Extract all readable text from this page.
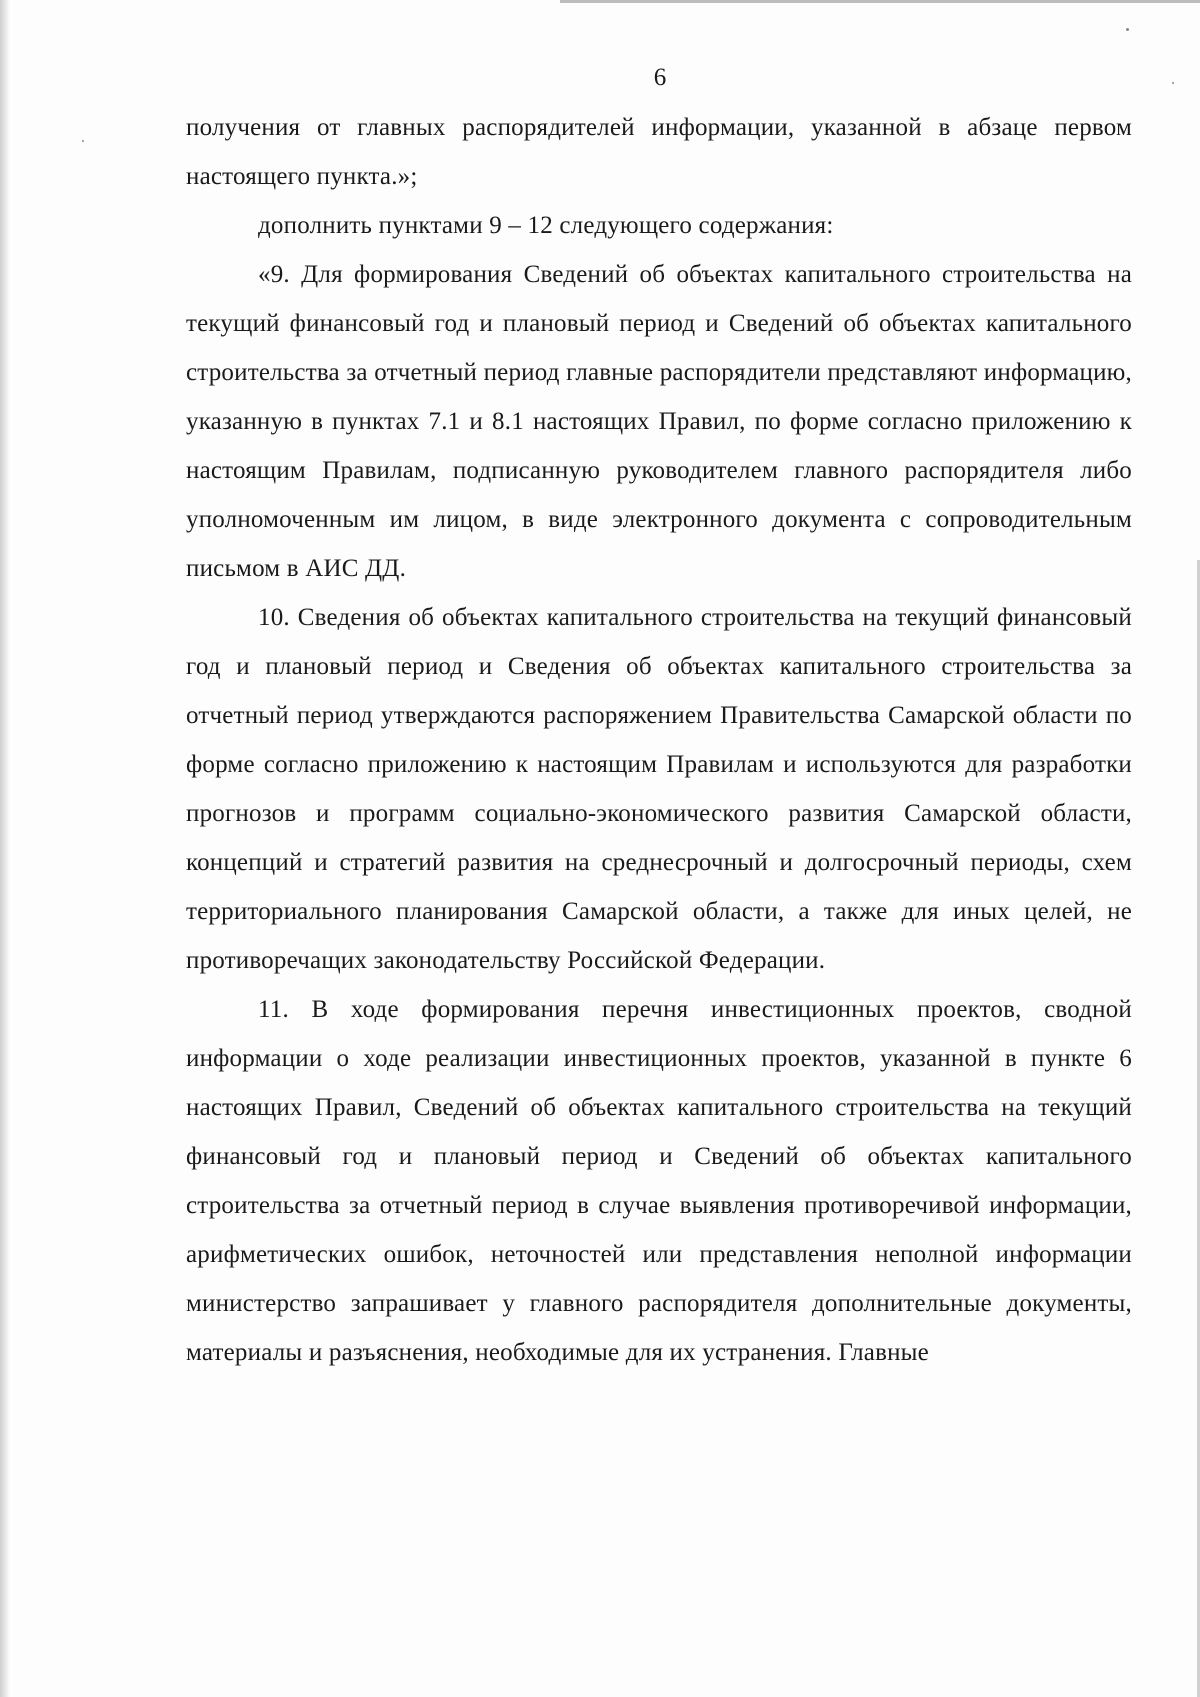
6

получения от главных распорядителей информации, указанной в абзаце первом настоящего пункта.»;

дополнить пунктами 9 – 12 следующего содержания:

«9. Для формирования Сведений об объектах капитального строительства на текущий финансовый год и плановый период и Сведений об объектах капитального строительства за отчетный период главные распорядители представляют информацию, указанную в пунктах 7.1 и 8.1 настоящих Правил, по форме согласно приложению к настоящим Правилам, подписанную руководителем главного распорядителя либо уполномоченным им лицом, в виде электронного документа с сопроводительным письмом в АИС ДД.

10. Сведения об объектах капитального строительства на текущий финансовый год и плановый период и Сведения об объектах капитального строительства за отчетный период утверждаются распоряжением Правительства Самарской области по форме согласно приложению к настоящим Правилам и используются для разработки прогнозов и программ социально-экономического развития Самарской области, концепций и стратегий развития на среднесрочный и долгосрочный периоды, схем территориального планирования Самарской области, а также для иных целей, не противоречащих законодательству Российской Федерации.

11. В ходе формирования перечня инвестиционных проектов, сводной информации о ходе реализации инвестиционных проектов, указанной в пункте 6 настоящих Правил, Сведений об объектах капитального строительства на текущий финансовый год и плановый период и Сведений об объектах капитального строительства за отчетный период в случае выявления противоречивой информации, арифметических ошибок, неточностей или представления неполной информации министерство запрашивает у главного распорядителя дополнительные документы, материалы и разъяснения, необходимые для их устранения. Главные
